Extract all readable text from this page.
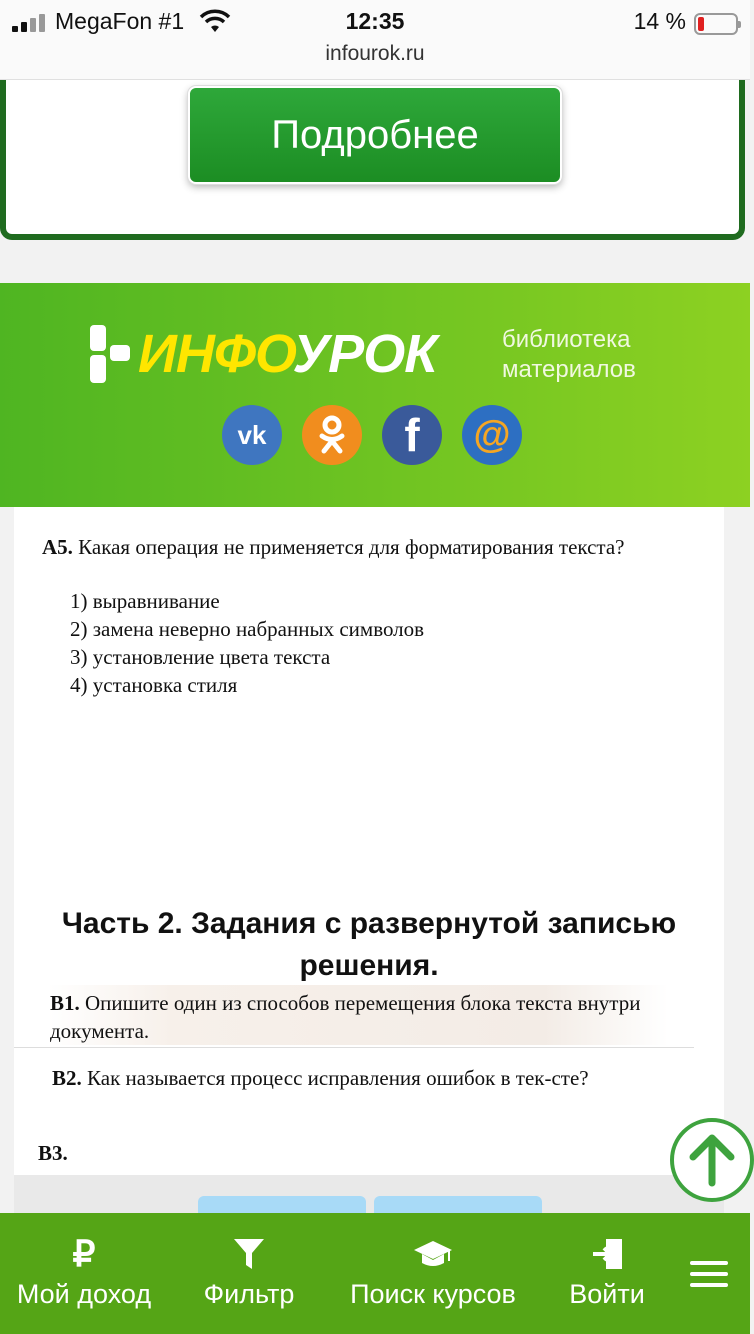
MegaFon #1	12:35	14 %
infourok.ru
Подробнее
ИНФОУРОК	библиотека
материалов
vk	f	@
А5. Какая операция не применяется для форматирования текста?
1) выравнивание
2) замена неверно набранных символов
3) установление цвета текста
4) установка стиля
Часть 2. Задания с развернутой записью решения.
В1. Опишите один из способов перемещения блока текста внутри документа.
В2. Как называется процесс исправления ошибок в тек-сте?
В3.
₽
Мой доход Фильтр Поиск курсов Войти
